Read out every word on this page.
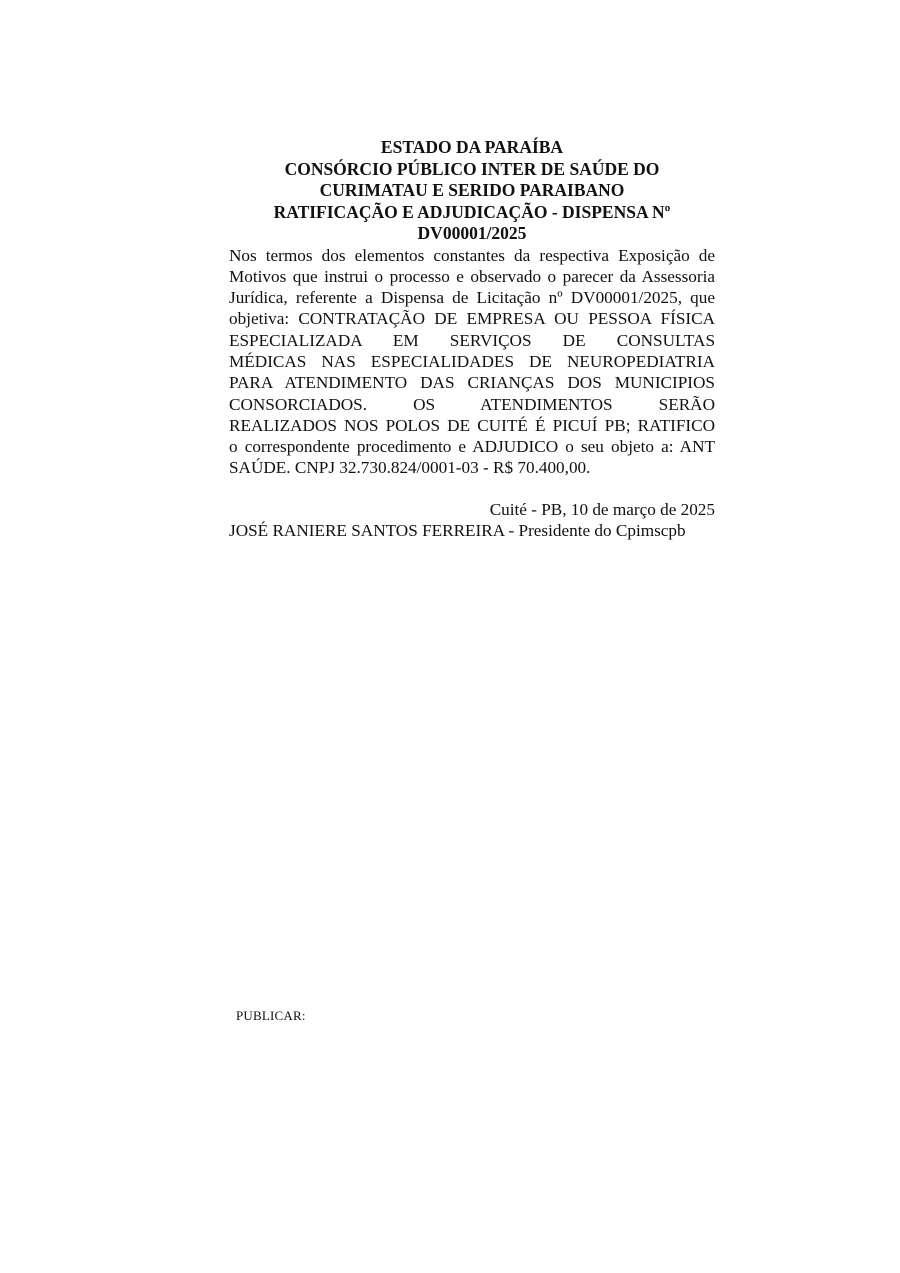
ESTADO DA PARAÍBA
CONSÓRCIO PÚBLICO INTER DE SAÚDE DO
CURIMATAU E SERIDO PARAIBANO
RATIFICAÇÃO E ADJUDICAÇÃO - DISPENSA Nº
DV00001/2025

Nos termos dos elementos constantes da respectiva Exposição de
Motivos que instrui o processo e observado o parecer da Assessoria
Jurídica, referente a Dispensa de Licitação nº DV00001/2025, que
objetiva: CONTRATAÇÃO DE EMPRESA OU PESSOA FÍSICA
ESPECIALIZADA EM SERVIÇOS DE CONSULTAS
MÉDICAS NAS ESPECIALIDADES DE NEUROPEDIATRIA
PARA ATENDIMENTO DAS CRIANÇAS DOS MUNICIPIOS
CONSORCIADOS. OS ATENDIMENTOS SERÃO
REALIZADOS NOS POLOS DE CUITÉ É PICUÍ PB; RATIFICO
o correspondente procedimento e ADJUDICO o seu objeto a: ANT
SAÚDE. CNPJ 32.730.824/0001-03 - R$ 70.400,00.

Cuité - PB, 10 de março de 2025
JOSÉ RANIERE SANTOS FERREIRA - Presidente do Cpimscpb
PUBLICAR:
